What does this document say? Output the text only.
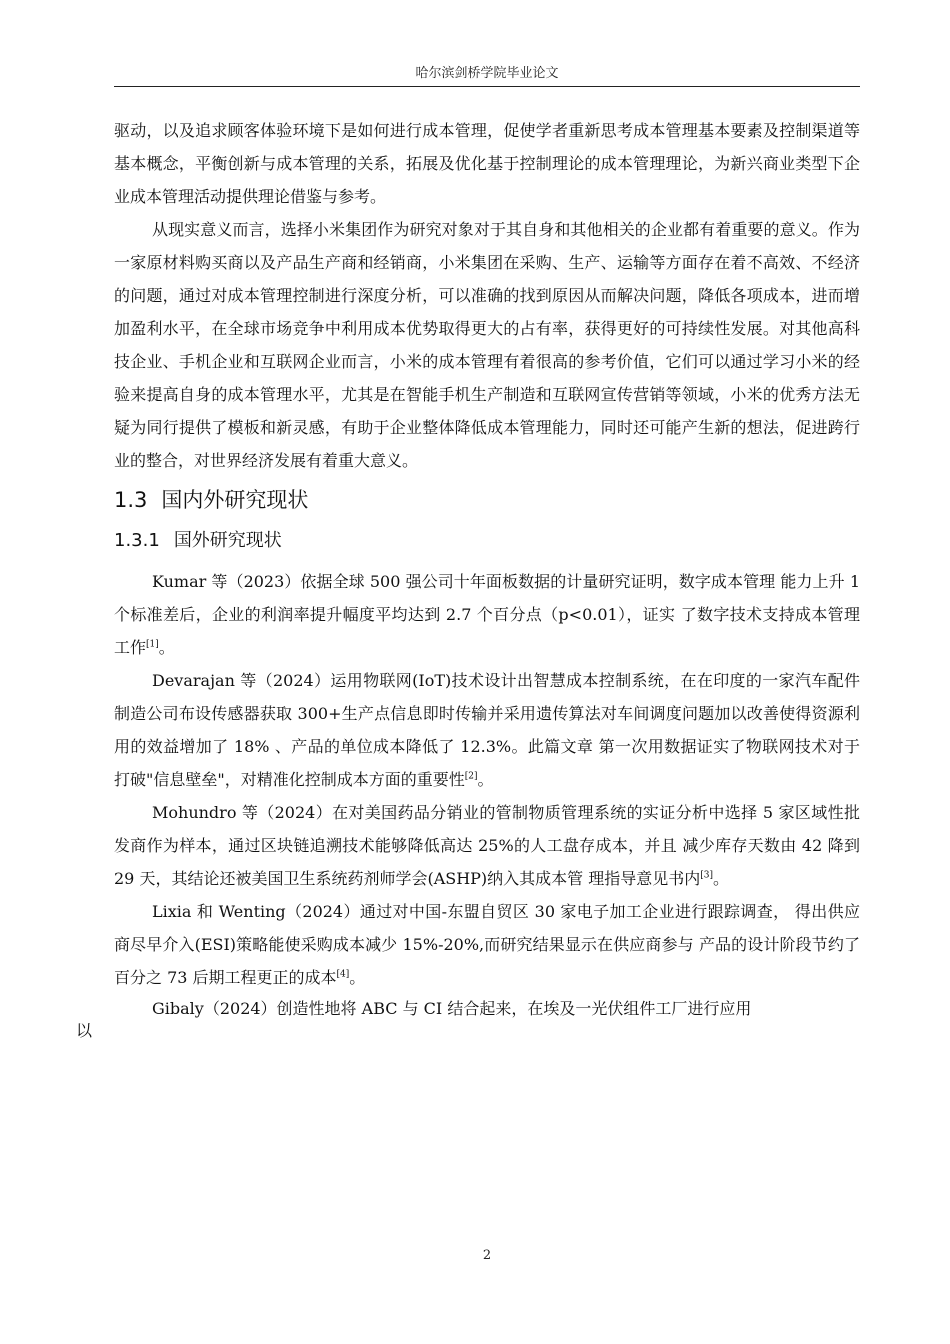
哈尔滨剑桥学院毕业论文

驱动，以及追求顾客体验环境下是如何进行成本管理，促使学者重新思考成本管理基本要素及控制渠道等基本概念，平衡创新与成本管理的关系，拓展及优化基于控制理论的成本管理理论，为新兴商业类型下企业成本管理活动提供理论借鉴与参考。

从现实意义而言，选择小米集团作为研究对象对于其自身和其他相关的企业都有着重要的意义。作为一家原材料购买商以及产品生产商和经销商，小米集团在采购、生产、运输等方面存在着不高效、不经济的问题，通过对成本管理控制进行深度分析，可以准确的找到原因从而解决问题，降低各项成本，进而增加盈利水平，在全球市场竞争中利用成本优势取得更大的占有率，获得更好的可持续性发展。对其他高科技企业、手机企业和互联网企业而言，小米的成本管理有着很高的参考价值，它们可以通过学习小米的经验来提高自身的成本管理水平，尤其是在智能手机生产制造和互联网宣传营销等领域，小米的优秀方法无疑为同行提供了模板和新灵感，有助于企业整体降低成本管理能力，同时还可能产生新的想法，促进跨行业的整合，对世界经济发展有着重大意义。

1.3 国内外研究现状
1.3.1 国外研究现状

Kumar 等（2023）依据全球 500 强公司十年面板数据的计量研究证明，数字成本管理 能力上升 1 个标准差后，企业的利润率提升幅度平均达到 2.7 个百分点（p<0.01），证实 了数字技术支持成本管理工作[1]。

Devarajan 等（2024）运用物联网(IoT)技术设计出智慧成本控制系统，在在印度的一家汽车配件制造公司布设传感器获取 300+生产点信息即时传输并采用遗传算法对车间调度问题加以改善使得资源利用的效益增加了 18% 、产品的单位成本降低了 12.3%。此篇文章 第一次用数据证实了物联网技术对于打破"信息壁垒"，对精准化控制成本方面的重要性[2]。

Mohundro 等（2024）在对美国药品分销业的管制物质管理系统的实证分析中选择 5 家区域性批发商作为样本，通过区块链追溯技术能够降低高达 25%的人工盘存成本，并且 减少库存天数由 42 降到 29 天，其结论还被美国卫生系统药剂师学会(ASHP)纳入其成本管 理指导意见书内[3]。

Lixia 和 Wenting（2024）通过对中国-东盟自贸区 30 家电子加工企业进行跟踪调查， 得出供应商尽早介入(ESI)策略能使采购成本减少 15%-20%,而研究结果显示在供应商参与 产品的设计阶段节约了百分之 73 后期工程更正的成本[4]。

Gibaly（2024）创造性地将 ABC 与 CI 结合起来，在埃及一光伏组件工厂进行应用
以

2
